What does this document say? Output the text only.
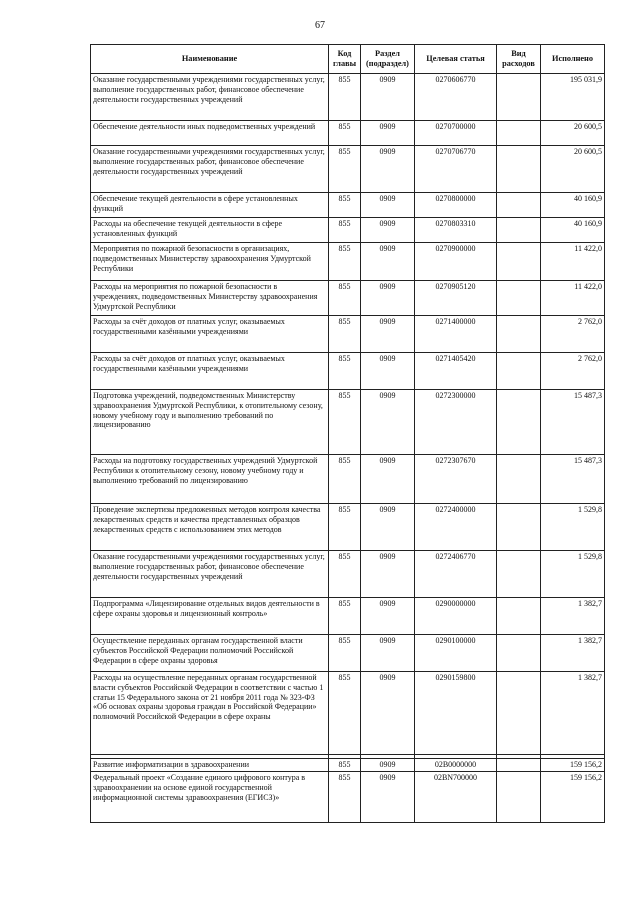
67
Наименование	Код главы	Раздел (подраздел)	Целевая статья	Вид расходов	Исполнено
Оказание государственными учреждениями государственных услуг, выполнение государственных работ, финансовое обеспечение деятельности государственных учреждений	855	0909	0270606770		195 031,9
Обеспечение деятельности иных подведомственных учреждений	855	0909	0270700000		20 600,5
Оказание государственными учреждениями государственных услуг, выполнение государственных работ, финансовое обеспечение деятельности государственных учреждений	855	0909	0270706770		20 600,5
Обеспечение текущей деятельности в сфере установленных функций	855	0909	0270800000		40 160,9
Расходы на обеспечение текущей деятельности в сфере установленных функций	855	0909	0270803310		40 160,9
Мероприятия по пожарной безопасности в организациях, подведомственных Министерству здравоохранения Удмуртской Республики	855	0909	0270900000		11 422,0
Расходы на мероприятия по пожарной безопасности в учреждениях, подведомственных Министерству здравоохранения Удмуртской Республики	855	0909	0270905120		11 422,0
Расходы за счёт доходов от платных услуг, оказываемых государственными казёнными учреждениями	855	0909	0271400000		2 762,0
Расходы за счёт доходов от платных услуг, оказываемых государственными казёнными учреждениями	855	0909	0271405420		2 762,0
Подготовка учреждений, подведомственных Министерству здравоохранения Удмуртской Республики, к отопительному сезону, новому учебному году и выполнению требований по лицензированию	855	0909	0272300000		15 487,3
Расходы на подготовку государственных учреждений Удмуртской Республики к отопительному сезону, новому учебному году и выполнению требований по лицензированию	855	0909	0272307670		15 487,3
Проведение экспертизы предложенных методов контроля качества лекарственных средств и качества представленных образцов лекарственных средств с использованием этих методов	855	0909	0272400000		1 529,8
Оказание государственными учреждениями государственных услуг, выполнение государственных работ, финансовое обеспечение деятельности государственных учреждений	855	0909	0272406770		1 529,8
Подпрограмма «Лицензирование отдельных видов деятельности в сфере охраны здоровья и лицензионный контроль»	855	0909	0290000000		1 382,7
Осуществление переданных органам государственной власти субъектов Российской Федерации полномочий Российской Федерации в сфере охраны здоровья	855	0909	0290100000		1 382,7
Расходы на осуществление переданных органам государственной власти субъектов Российской Федерации в соответствии с частью 1 статьи 15 Федерального закона от 21 ноября 2011 года № 323-ФЗ «Об основах охраны здоровья граждан в Российской Федерации» полномочий Российской Федерации в сфере охраны	855	0909	0290159800		1 382,7

Развитие информатизации в здравоохранении	855	0909	02В0000000		159 156,2
Федеральный проект «Создание единого цифрового контура в здравоохранении на основе единой государственной информационной системы здравоохранения (ЕГИСЗ)»	855	0909	02ВN700000		159 156,2
